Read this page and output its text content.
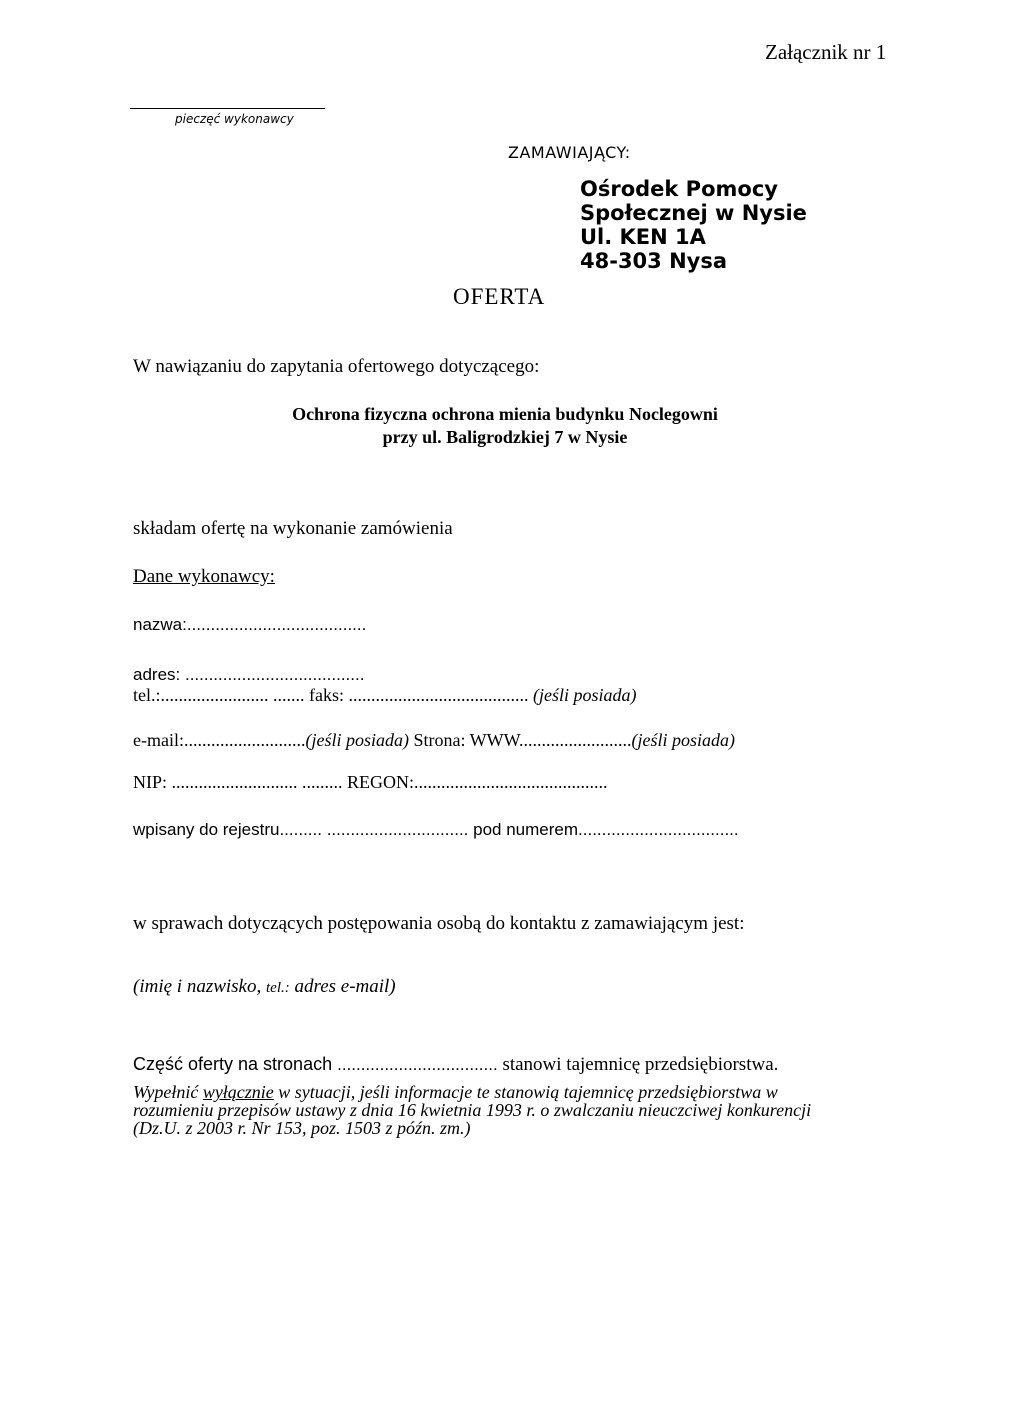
Załącznik nr 1
pieczęć wykonawcy
ZAMAWIAJĄCY:
Ośrodek Pomocy
Społecznej w Nysie
Ul. KEN 1A
48-303 Nysa
OFERTA
W nawiązaniu do zapytania ofertowego dotyczącego:
Ochrona fizyczna ochrona mienia budynku Noclegowni
przy ul. Baligrodzkiej 7 w Nysie
składam ofertę na wykonanie zamówienia
Dane wykonawcy:
nazwa:......................................
adres: ......................................
tel.:........................ ....... faks: ........................................ (jeśli posiada)
e-mail:...........................(jeśli posiada) Strona: WWW.........................(jeśli posiada)
NIP: ............................ ......... REGON:...........................................
wpisany do rejestru......... .............................. pod numerem..................................
w sprawach dotyczących postępowania osobą do kontaktu z zamawiającym jest:
(imię i nazwisko, tel.: adres e-mail)
Część oferty na stronach .................................. stanowi tajemnicę przedsiębiorstwa.
Wypełnić wyłącznie w sytuacji, jeśli informacje te stanowią tajemnicę przedsiębiorstwa w
rozumieniu przepisów ustawy z dnia 16 kwietnia 1993 r. o zwalczaniu nieuczciwej konkurencji
(Dz.U. z 2003 r. Nr 153, poz. 1503 z późn. zm.)
